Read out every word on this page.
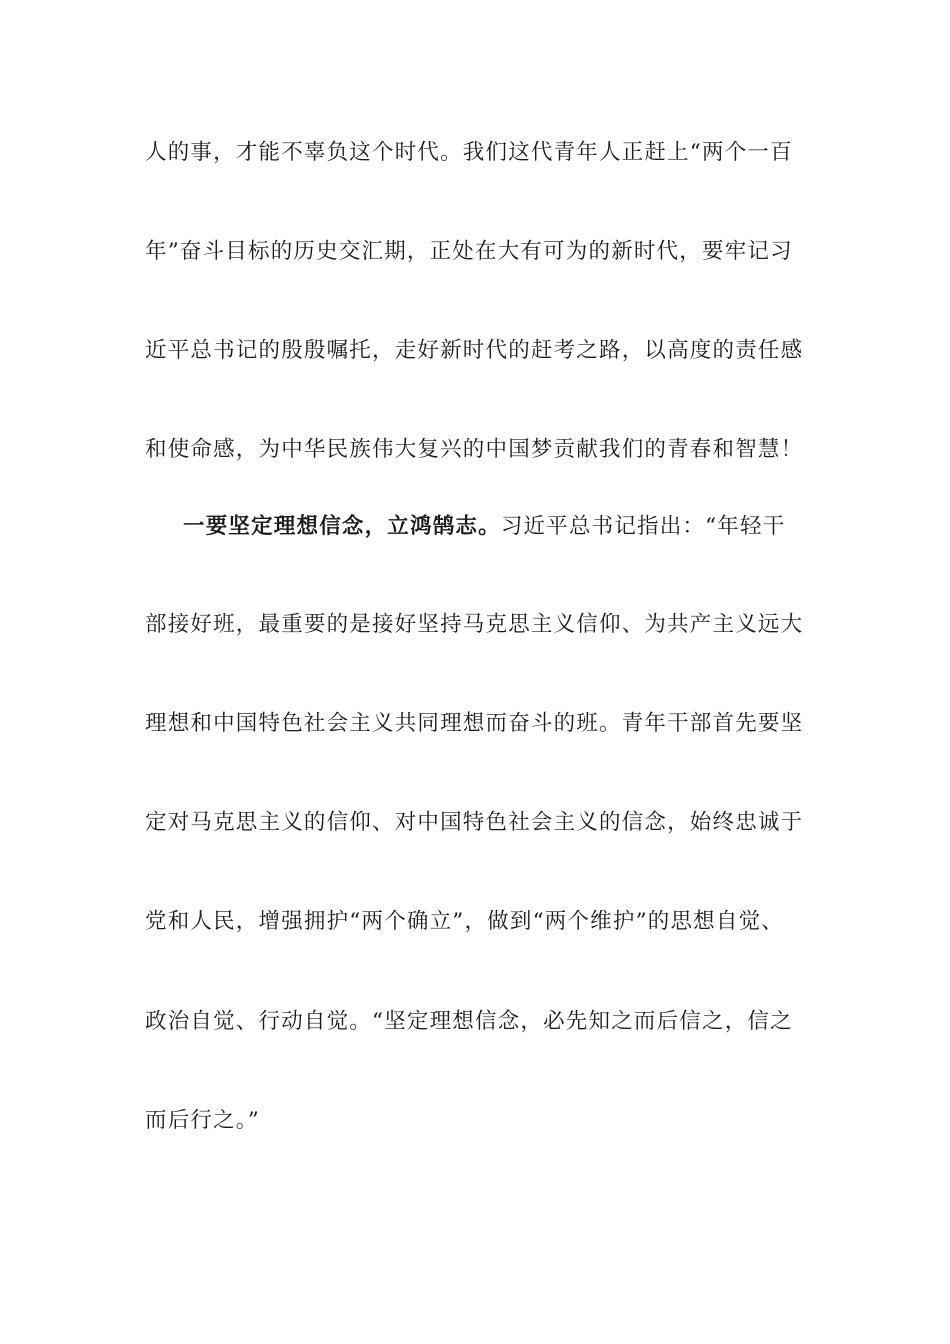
人的事，才能不辜负这个时代。我们这代青年人正赶上“两个一百
年”奋斗目标的历史交汇期，正处在大有可为的新时代，要牢记习
近平总书记的殷殷嘱托，走好新时代的赶考之路，以高度的责任感
和使命感，为中华民族伟大复兴的中国梦贡献我们的青春和智慧！
一要坚定理想信念，立鸿鹄志。习近平总书记指出：“年轻干
部接好班，最重要的是接好坚持马克思主义信仰、为共产主义远大
理想和中国特色社会主义共同理想而奋斗的班。青年干部首先要坚
定对马克思主义的信仰、对中国特色社会主义的信念，始终忠诚于
党和人民，增强拥护“两个确立”，做到“两个维护”的思想自觉、
政治自觉、行动自觉。“坚定理想信念，必先知之而后信之，信之
而后行之。”
